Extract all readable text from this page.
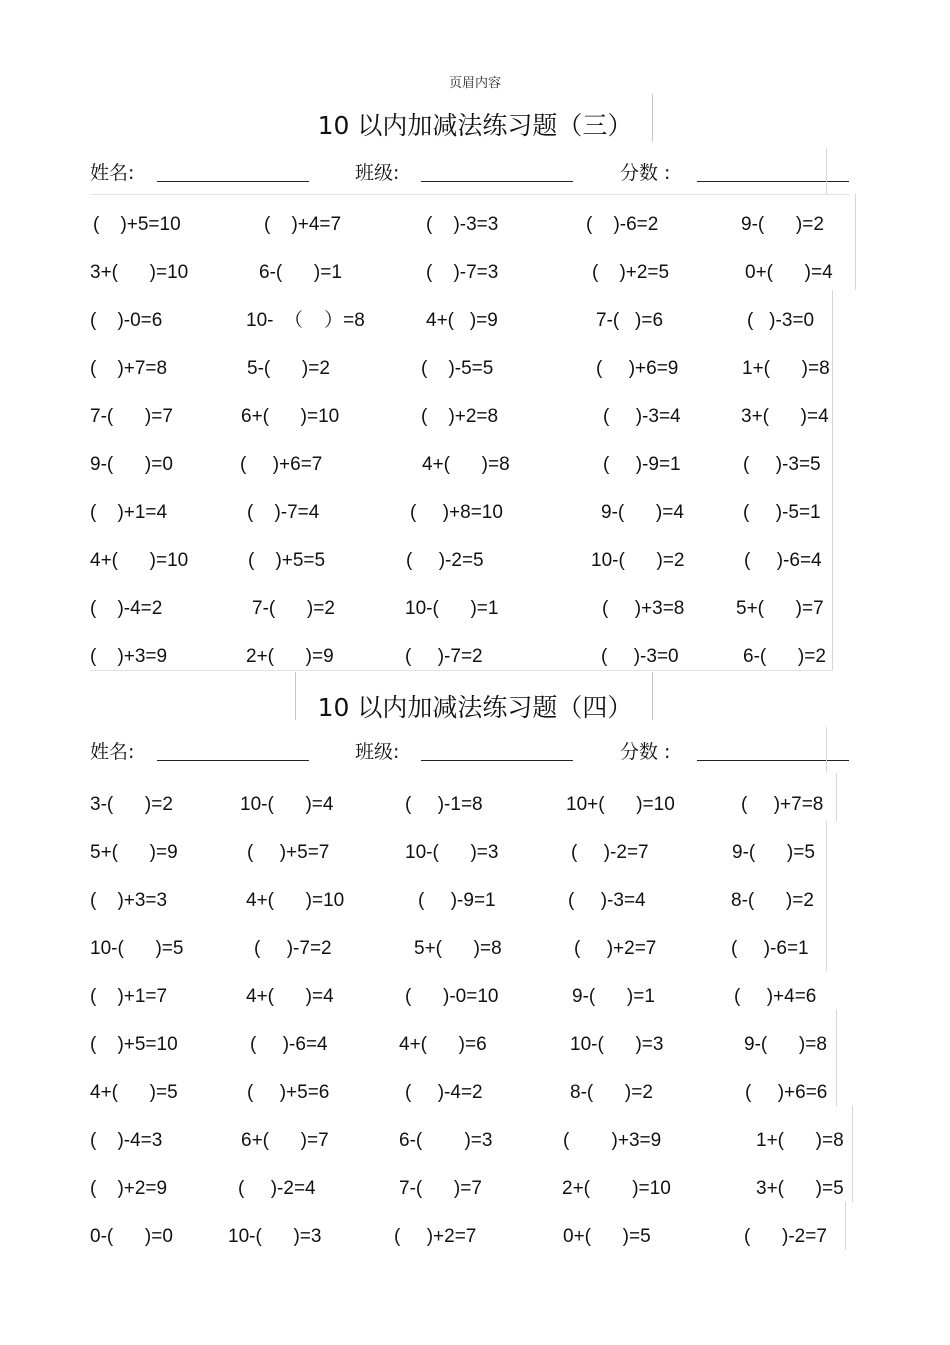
页眉内容
10 以内加减法练习题（三）
姓名:	班级:	分数 :
(    )+5=10	(    )+4=7	(    )-3=3	(    )-6=2	9-(      )=2
3+(      )=10	6-(      )=1	(    )-7=3	(    )+2=5	0+(      )=4
(    )-0=6	10-  （    ）=8	4+(   )=9	7-(   )=6	(   )-3=0
(    )+7=8	5-(      )=2	(    )-5=5	(     )+6=9	1+(      )=8
7-(      )=7	6+(      )=10	(    )+2=8	(     )-3=4	3+(      )=4
9-(      )=0	(     )+6=7	4+(      )=8	(     )-9=1	(     )-3=5
(    )+1=4	(    )-7=4	(     )+8=10	9-(      )=4	(     )-5=1
4+(      )=10	(    )+5=5	(     )-2=5	10-(      )=2	(     )-6=4
(    )-4=2	7-(      )=2	10-(      )=1	(     )+3=8	5+(      )=7
(    )+3=9	2+(      )=9	(     )-7=2	(     )-3=0	6-(      )=2
10 以内加减法练习题（四）
姓名:	班级:	分数 :
3-(      )=2	10-(      )=4	(     )-1=8	10+(      )=10	(     )+7=8
5+(      )=9	(     )+5=7	10-(      )=3	(     )-2=7	9-(      )=5
(    )+3=3	4+(      )=10	(     )-9=1	(     )-3=4	8-(      )=2
10-(      )=5	(     )-7=2	5+(      )=8	(     )+2=7	(     )-6=1
(    )+1=7	4+(      )=4	(      )-0=10	9-(      )=1	(     )+4=6
(    )+5=10	(     )-6=4	4+(      )=6	10-(      )=3	9-(      )=8
4+(      )=5	(     )+5=6	(     )-4=2	8-(      )=2	(     )+6=6
(    )-4=3	6+(      )=7	6-(        )=3	(        )+3=9	1+(      )=8
(    )+2=9	(     )-2=4	7-(      )=7	2+(        )=10	3+(      )=5
0-(      )=0	10-(      )=3	(     )+2=7	0+(      )=5	(      )-2=7
